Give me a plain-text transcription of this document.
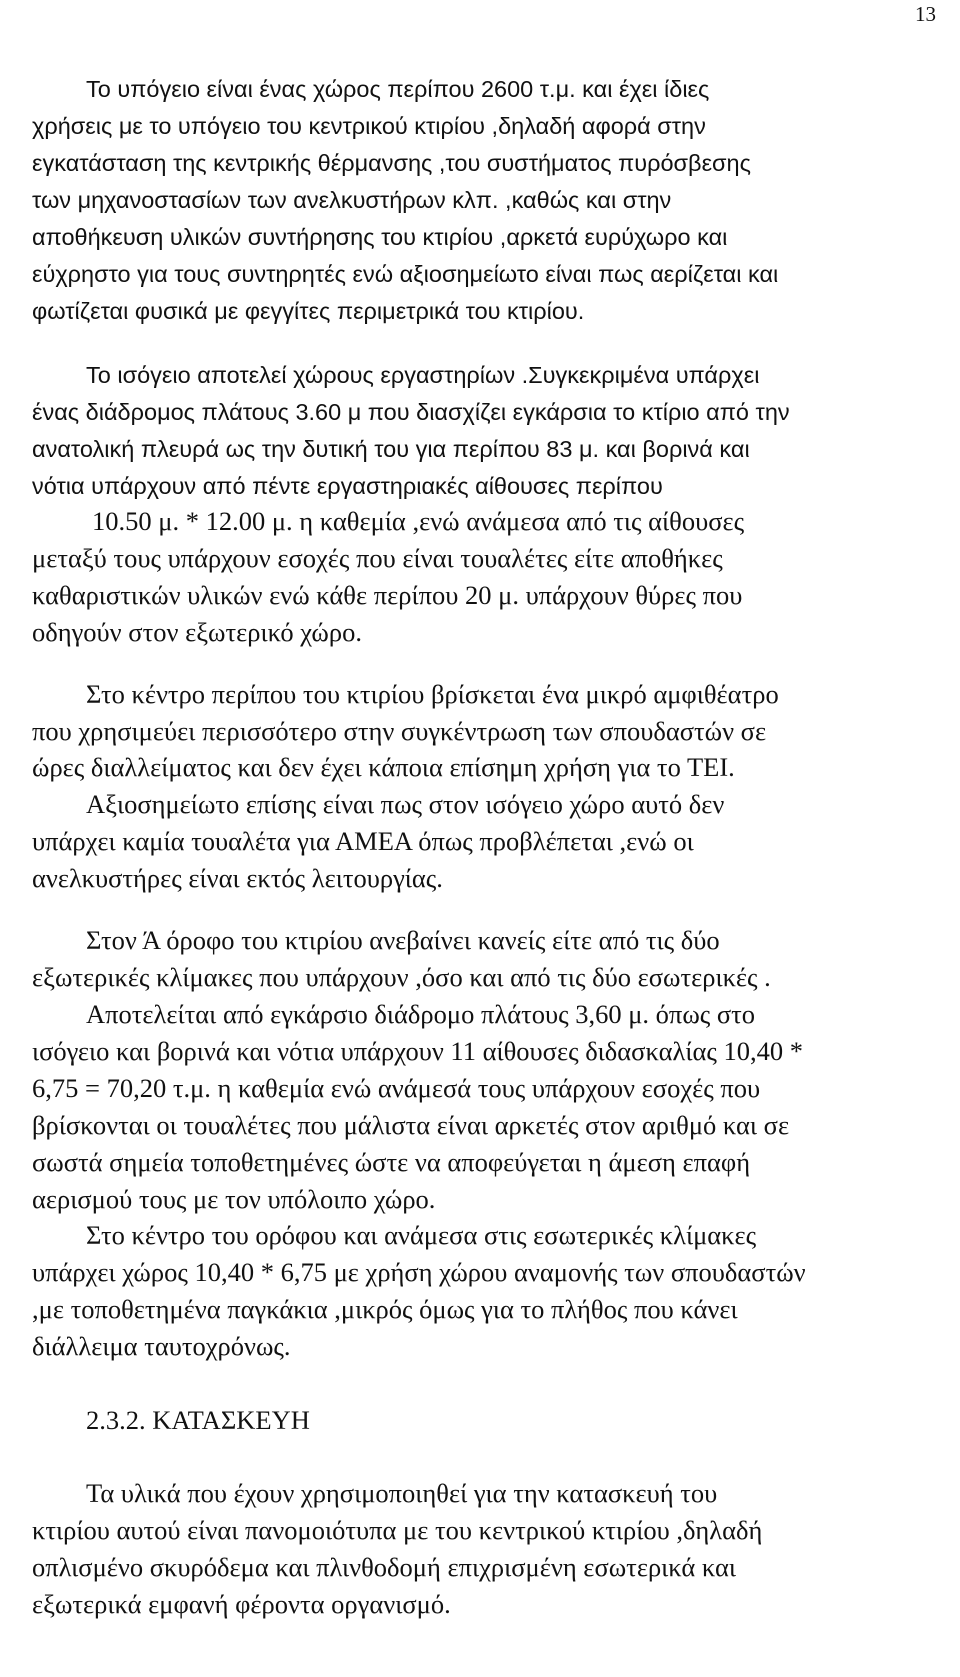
13

Το υπόγειο είναι ένας χώρος περίπου 2600 τ.μ. και έχει ίδιες

χρήσεις με το υπόγειο του κεντρικού κτιρίου ,δηλαδή αφορά στην

εγκατάσταση της κεντρικής θέρμανσης ,του συστήματος πυρόσβεσης

των μηχανοστασίων των ανελκυστήρων κλπ. ,καθώς και στην

αποθήκευση υλικών συντήρησης του κτιρίου ,αρκετά ευρύχωρο και

εύχρηστο για τους συντηρητές ενώ αξιοσημείωτο είναι πως αερίζεται και

φωτίζεται φυσικά με φεγγίτες περιμετρικά του κτιρίου.

Το ισόγειο αποτελεί χώρους εργαστηρίων .Συγκεκριμένα υπάρχει

ένας διάδρομος πλάτους 3.60 μ που διασχίζει εγκάρσια το κτίριο από την

ανατολική πλευρά ως την δυτική του για περίπου 83 μ. και βορινά και

νότια υπάρχουν από πέντε εργαστηριακές αίθουσες περίπου

10.50 μ. * 12.00 μ. η καθεμία ,ενώ ανάμεσα από τις αίθουσες

μεταξύ τους υπάρχουν εσοχές που είναι τουαλέτες είτε αποθήκες

καθαριστικών υλικών ενώ κάθε περίπου 20 μ. υπάρχουν θύρες που

οδηγούν στον εξωτερικό χώρο.

Στο κέντρο περίπου του κτιρίου βρίσκεται ένα μικρό αμφιθέατρο

που χρησιμεύει περισσότερο στην συγκέντρωση των σπουδαστών σε

ώρες διαλλείματος και δεν έχει κάποια επίσημη χρήση για το ΤΕΙ.

Αξιοσημείωτο επίσης είναι πως στον ισόγειο χώρο αυτό δεν

υπάρχει καμία τουαλέτα για ΑΜΕΑ όπως προβλέπεται ,ενώ οι

ανελκυστήρες είναι εκτός λειτουργίας.

Στον Ά όροφο του κτιρίου ανεβαίνει κανείς είτε από τις δύο

εξωτερικές κλίμακες που υπάρχουν ,όσο και από τις δύο εσωτερικές .

Αποτελείται από εγκάρσιο διάδρομο πλάτους 3,60 μ. όπως στο

ισόγειο και βορινά και νότια υπάρχουν 11 αίθουσες διδασκαλίας 10,40 *

6,75 = 70,20 τ.μ. η καθεμία ενώ ανάμεσά τους υπάρχουν εσοχές που

βρίσκονται οι τουαλέτες που μάλιστα είναι αρκετές στον αριθμό και σε

σωστά σημεία τοποθετημένες ώστε να αποφεύγεται η άμεση επαφή

αερισμού τους με τον υπόλοιπο χώρο.

Στο κέντρο του ορόφου και ανάμεσα στις εσωτερικές κλίμακες

υπάρχει χώρος 10,40 * 6,75 με χρήση χώρου αναμονής των σπουδαστών

,με τοποθετημένα παγκάκια ,μικρός όμως για το πλήθος που κάνει

διάλλειμα ταυτοχρόνως.

2.3.2. ΚΑΤΑΣΚΕΥΗ

Τα υλικά που έχουν χρησιμοποιηθεί για την κατασκευή του

κτιρίου αυτού είναι πανομοιότυπα με του κεντρικού κτιρίου ,δηλαδή

οπλισμένο σκυρόδεμα και πλινθοδομή επιχρισμένη εσωτερικά και

εξωτερικά εμφανή φέροντα οργανισμό.
